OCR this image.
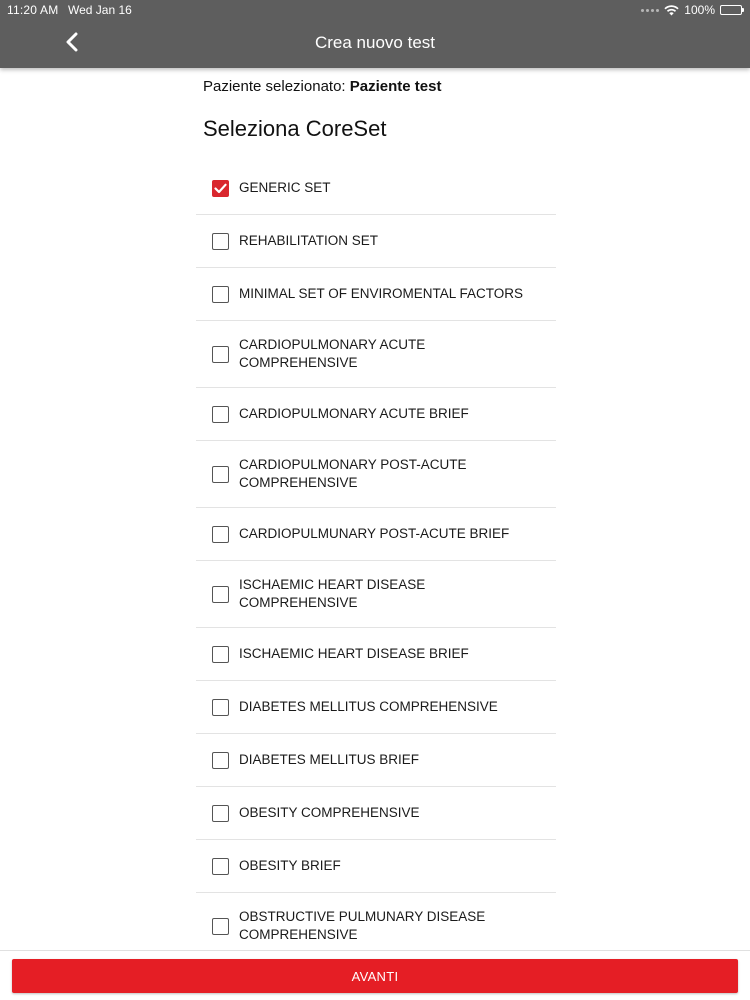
11:20 AM Wed Jan 16	100%
Crea nuovo test
Paziente selezionato: Paziente test
Seleziona CoreSet
GENERIC SET
REHABILITATION SET
MINIMAL SET OF ENVIROMENTAL FACTORS
CARDIOPULMONARY ACUTE COMPREHENSIVE
CARDIOPULMONARY ACUTE BRIEF
CARDIOPULMONARY POST-ACUTE COMPREHENSIVE
CARDIOPULMUNARY POST-ACUTE BRIEF
ISCHAEMIC HEART DISEASE COMPREHENSIVE
ISCHAEMIC HEART DISEASE BRIEF
DIABETES MELLITUS COMPREHENSIVE
DIABETES MELLITUS BRIEF
OBESITY COMPREHENSIVE
OBESITY BRIEF
OBSTRUCTIVE PULMUNARY DISEASE COMPREHENSIVE
AVANTI
